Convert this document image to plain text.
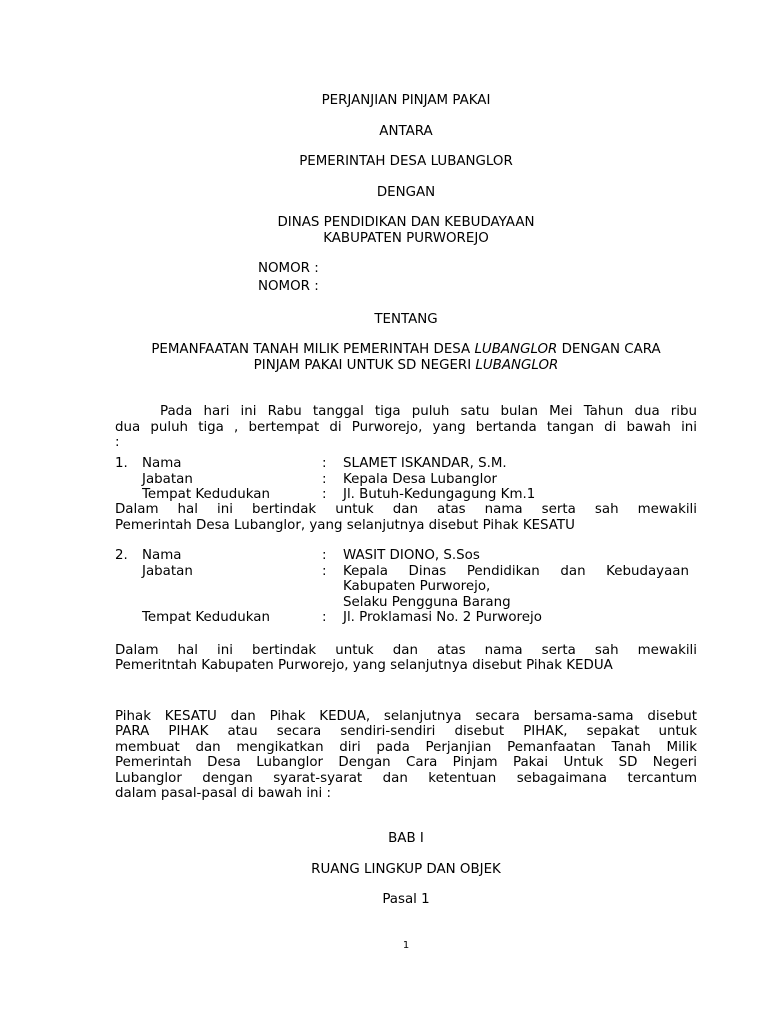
PERJANJIAN PINJAM PAKAI
ANTARA
PEMERINTAH DESA LUBANGLOR
DENGAN
DINAS PENDIDIKAN DAN KEBUDAYAAN
KABUPATEN PURWOREJO
NOMOR :
NOMOR :
TENTANG
PEMANFAATAN TANAH MILIK PEMERINTAH DESA LUBANGLOR DENGAN CARA
PINJAM PAKAI UNTUK SD NEGERI LUBANGLOR
Pada hari ini Rabu tanggal tiga puluh satu bulan Mei Tahun dua ribu
dua puluh tiga , bertempat di Purworejo, yang bertanda tangan di bawah ini
:
1. Nama	: SLAMET ISKANDAR, S.M.
Jabatan	: Kepala Desa Lubanglor
Tempat Kedudukan	: Jl. Butuh-Kedungagung Km.1
Dalam hal ini bertindak untuk dan atas nama serta sah mewakili
Pemerintah Desa Lubanglor, yang selanjutnya disebut Pihak KESATU
2. Nama	: WASIT DIONO, S.Sos
Jabatan	: Kepala Dinas Pendidikan dan Kebudayaan
Kabupaten Purworejo,
Selaku Pengguna Barang
Tempat Kedudukan	: Jl. Proklamasi No. 2 Purworejo
Dalam hal ini bertindak untuk dan atas nama serta sah mewakili
Pemeritntah Kabupaten Purworejo, yang selanjutnya disebut Pihak KEDUA
Pihak KESATU dan Pihak KEDUA, selanjutnya secara bersama-sama disebut
PARA PIHAK atau secara sendiri-sendiri disebut PIHAK, sepakat untuk
membuat dan mengikatkan diri pada Perjanjian Pemanfaatan Tanah Milik
Pemerintah Desa Lubanglor Dengan Cara Pinjam Pakai Untuk SD Negeri
Lubanglor dengan syarat-syarat dan ketentuan sebagaimana tercantum
dalam pasal-pasal di bawah ini :
BAB I
RUANG LINGKUP DAN OBJEK
Pasal 1
1
